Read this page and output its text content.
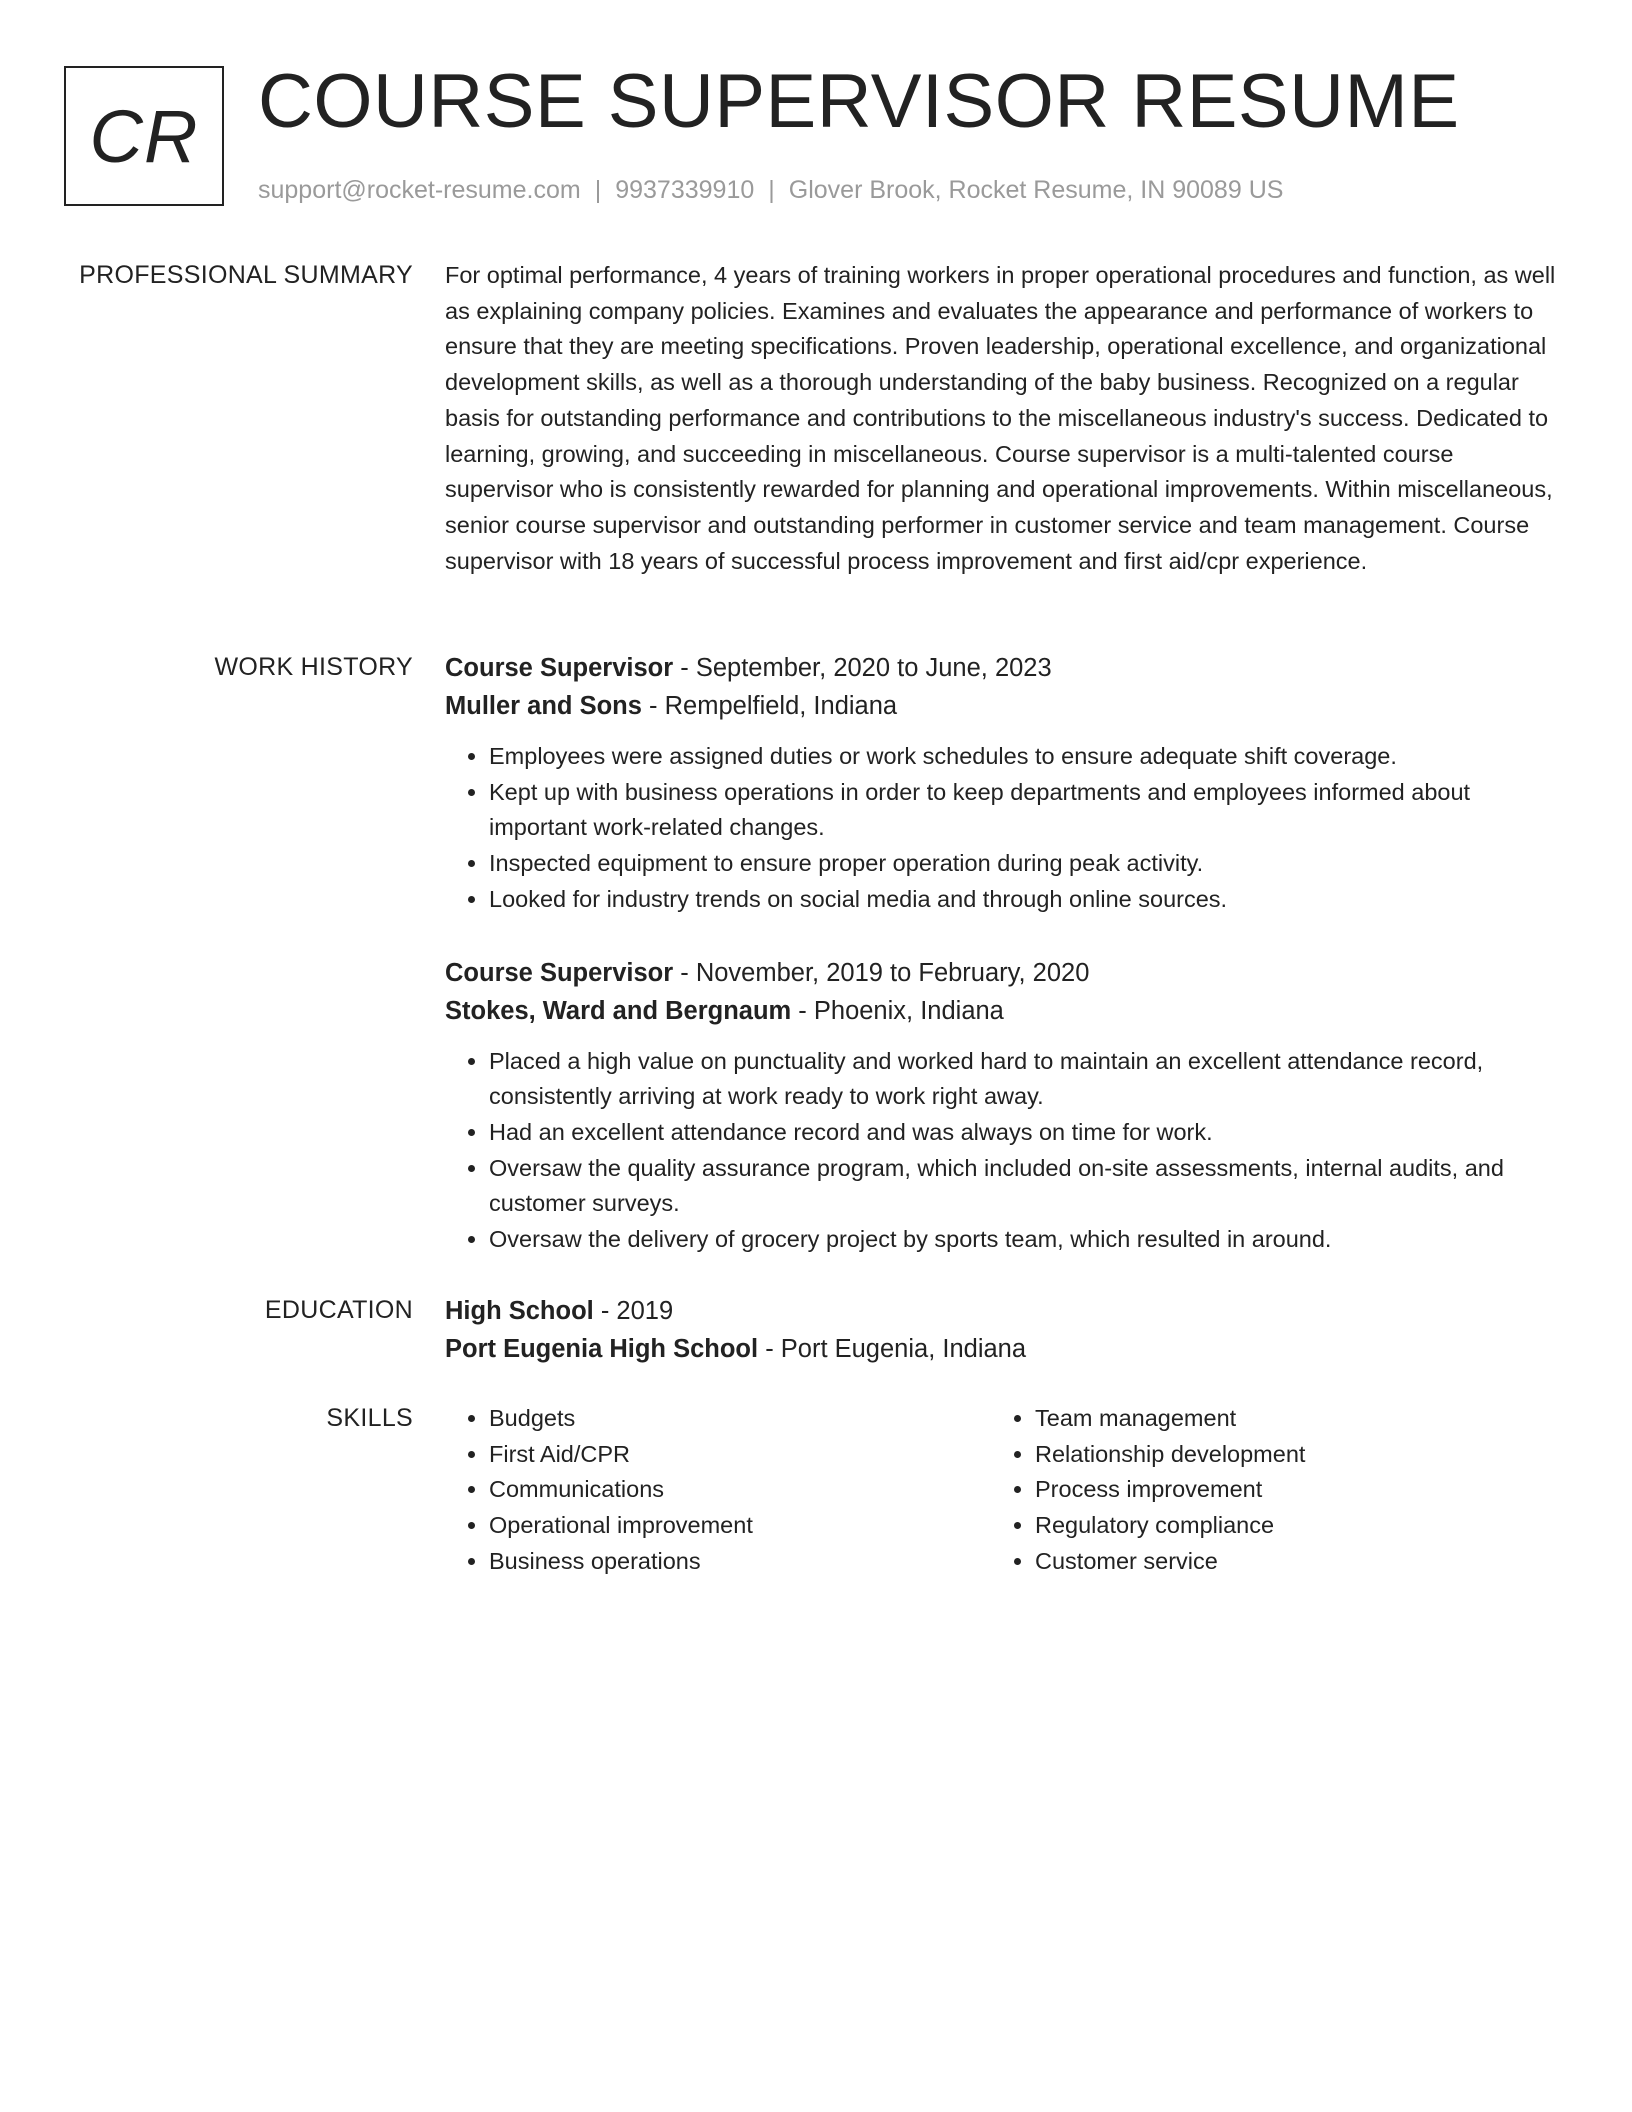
CR COURSE SUPERVISOR RESUME
support@rocket-resume.com | 9937339910 | Glover Brook, Rocket Resume, IN 90089 US
PROFESSIONAL SUMMARY For optimal performance, 4 years of training workers in proper operational procedures and function, as well as explaining company policies. Examines and evaluates the appearance and performance of workers to ensure that they are meeting specifications. Proven leadership, operational excellence, and organizational development skills, as well as a thorough understanding of the baby business. Recognized on a regular basis for outstanding performance and contributions to the miscellaneous industry's success. Dedicated to learning, growing, and succeeding in miscellaneous. Course supervisor is a multi-talented course supervisor who is consistently rewarded for planning and operational improvements. Within miscellaneous, senior course supervisor and outstanding performer in customer service and team management. Course supervisor with 18 years of successful process improvement and first aid/cpr experience.

WORK HISTORY Course Supervisor - September, 2020 to June, 2023
Muller and Sons - Rempelfield, Indiana
• Employees were assigned duties or work schedules to ensure adequate shift coverage.
• Kept up with business operations in order to keep departments and employees informed about important work-related changes.
• Inspected equipment to ensure proper operation during peak activity.
• Looked for industry trends on social media and through online sources.
Course Supervisor - November, 2019 to February, 2020
Stokes, Ward and Bergnaum - Phoenix, Indiana
• Placed a high value on punctuality and worked hard to maintain an excellent attendance record, consistently arriving at work ready to work right away.
• Had an excellent attendance record and was always on time for work.
• Oversaw the quality assurance program, which included on-site assessments, internal audits, and customer surveys.
• Oversaw the delivery of grocery project by sports team, which resulted in around.
EDUCATION High School - 2019
Port Eugenia High School - Port Eugenia, Indiana
SKILLS
•	Budgets
• First Aid/CPR
• Communications
• Operational improvement
• Business operations
• Team management
• Relationship development
• Process improvement
• Regulatory compliance
• Customer service
